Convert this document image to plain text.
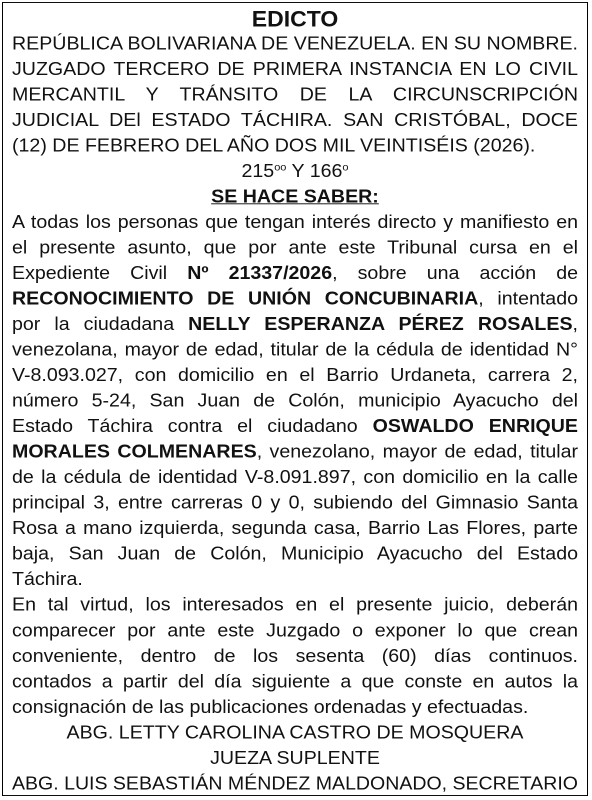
EDICTO

REPÚBLICA BOLIVARIANA DE VENEZUELA. EN SU NOMBRE. JUZGADO TERCERO DE PRIMERA INSTANCIA EN LO CIVIL MERCANTIL Y TRÁNSITO DE LA CIRCUNSCRIPCIÓN JUDICIAL DEl ESTADO TÁCHIRA. SAN CRISTÓBAL, DOCE (12) DE FEBRERO DEL AÑO DOS MIL VEINTISÉIS (2026).

$215^{oo}$ Y 166$^o$

SE HACE SABER:

A todas los personas que tengan interés directo y manifiesto en el presente asunto, que por ante este Tribunal cursa en el Expediente Civil Nº 21337/2026, sobre una acción de RECONOCIMIENTO DE UNIÓN CONCUBINARIA, intentado por la ciudadana NELLY ESPERANZA PÉREZ ROSALES, venezolana, mayor de edad, titular de la cédula de identidad N° V-8.093.027, con domicilio en el Barrio Urdaneta, carrera 2, número 5-24, San Juan de Colón, municipio Ayacucho del Estado Táchira contra el ciudadano OSWALDO ENRIQUE MORALES COLMENARES, venezolano, mayor de edad, titular de la cédula de identidad V-8.091.897, con domicilio en la calle principal 3, entre carreras 0 y 0, subiendo del Gimnasio Santa Rosa a mano izquierda, segunda casa, Barrio Las Flores, parte baja, San Juan de Colón, Municipio Ayacucho del Estado Táchira.

En tal virtud, los interesados en el presente juicio, deberán comparecer por ante este Juzgado o exponer lo que crean conveniente, dentro de los sesenta (60) días continuos. contados a partir del día siguiente a que conste en autos la consignación de las publicaciones ordenadas y efectuadas.

ABG. LETTY CAROLINA CASTRO DE MOSQUERA

JUEZA SUPLENTE

ABG. LUIS SEBASTIÁN MÉNDEZ MALDONADO, SECRETARIO
